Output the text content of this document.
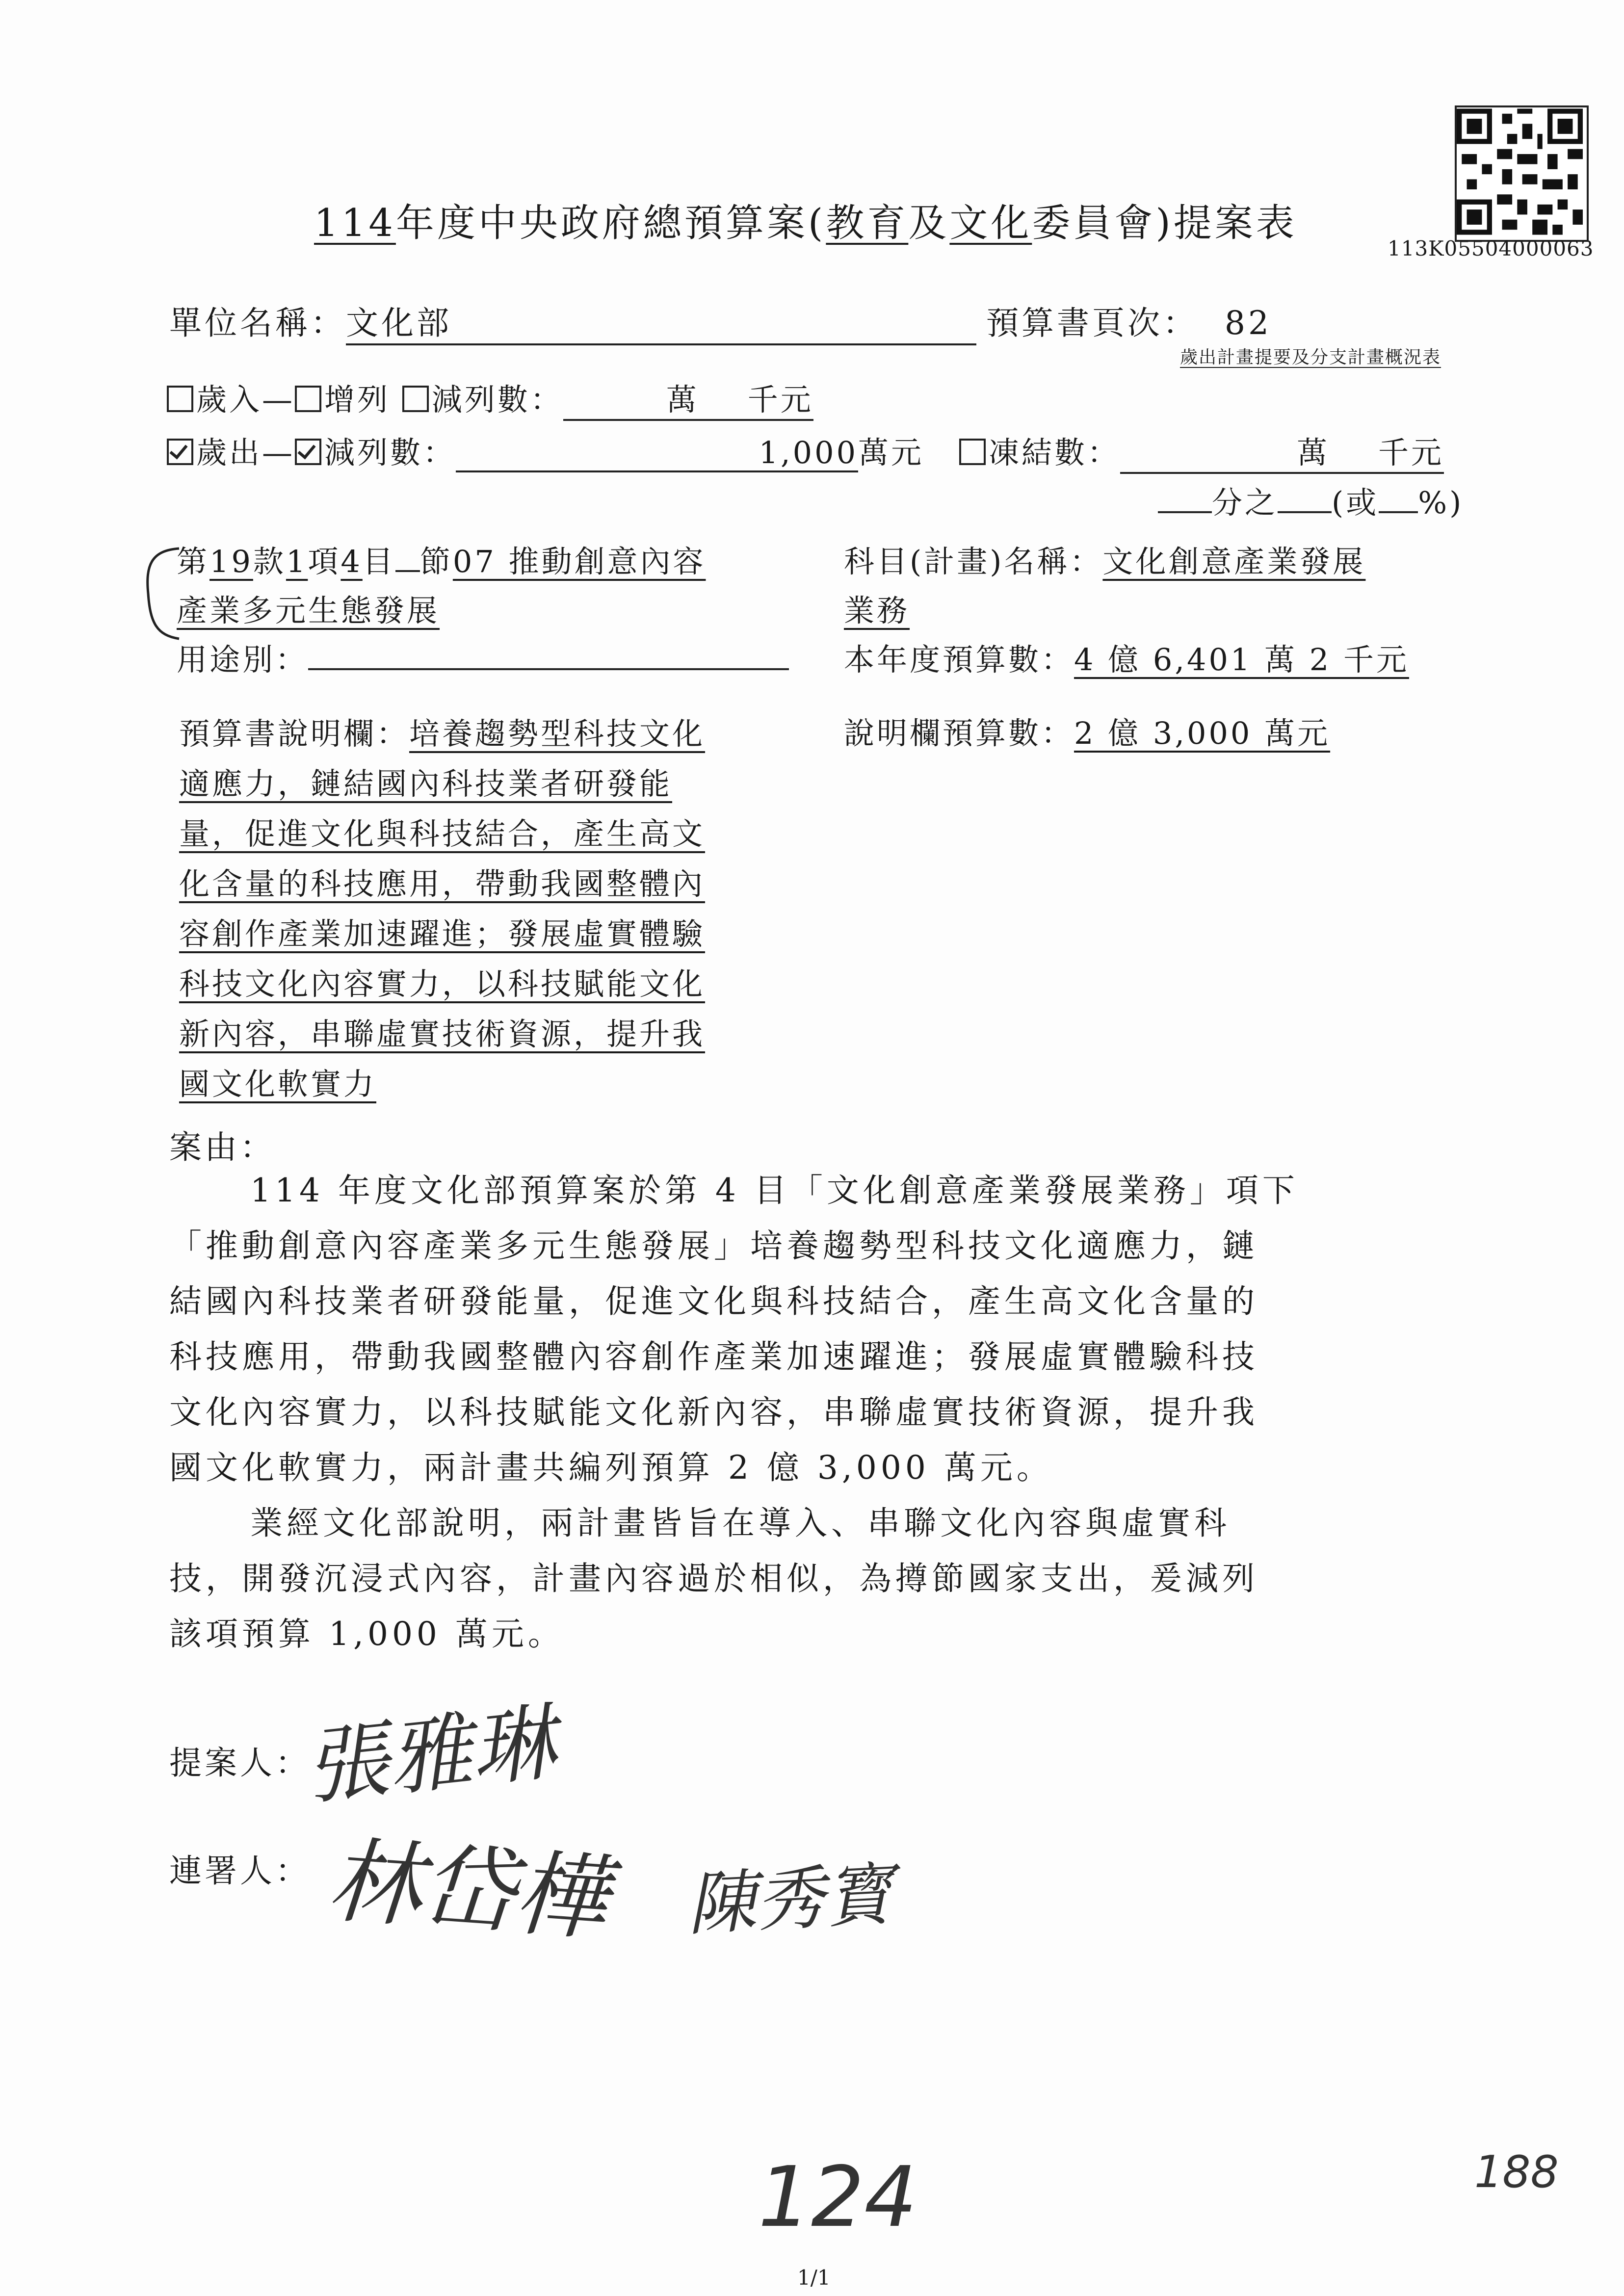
113K05504000063
114年度中央政府總預算案(教育及文化委員會)提案表
單位名稱：文化部	預算書頁次： 82
歲出計畫提要及分支計畫概況表
歲入— 增列 減列數：	萬 千元
歲出— 減列數：	1,000萬元	凍結數：	萬 千元
分之 (或 %)
第19款1項4目 節07 推動創意內容
產業多元生態發展
科目(計畫)名稱：文化創意產業發展
業務
用途別：	本年度預算數：4 億 6,401 萬 2 千元
預算書說明欄：培養趨勢型科技文化
適應力，鏈結國內科技業者研發能
量，促進文化與科技結合，產生高文
化含量的科技應用，帶動我國整體內
容創作產業加速躍進；發展虛實體驗
科技文化內容實力，以科技賦能文化
新內容，串聯虛實技術資源，提升我
國文化軟實力
說明欄預算數：2 億 3,000 萬元
案由：
114 年度文化部預算案於第 4 目「文化創意產業發展業務」項下
「推動創意內容產業多元生態發展」培養趨勢型科技文化適應力，鏈
結國內科技業者研發能量，促進文化與科技結合，產生高文化含量的
科技應用，帶動我國整體內容創作產業加速躍進；發展虛實體驗科技
文化內容實力，以科技賦能文化新內容，串聯虛實技術資源，提升我
國文化軟實力，兩計畫共編列預算 2 億 3,000 萬元。
業經文化部說明，兩計畫皆旨在導入、串聯文化內容與虛實科
技，開發沉浸式內容，計畫內容過於相似，為撙節國家支出，爰減列
該項預算 1,000 萬元。
提案人：
張雅琳
連署人： 林岱樺 陳秀寳
124	188
1/1
